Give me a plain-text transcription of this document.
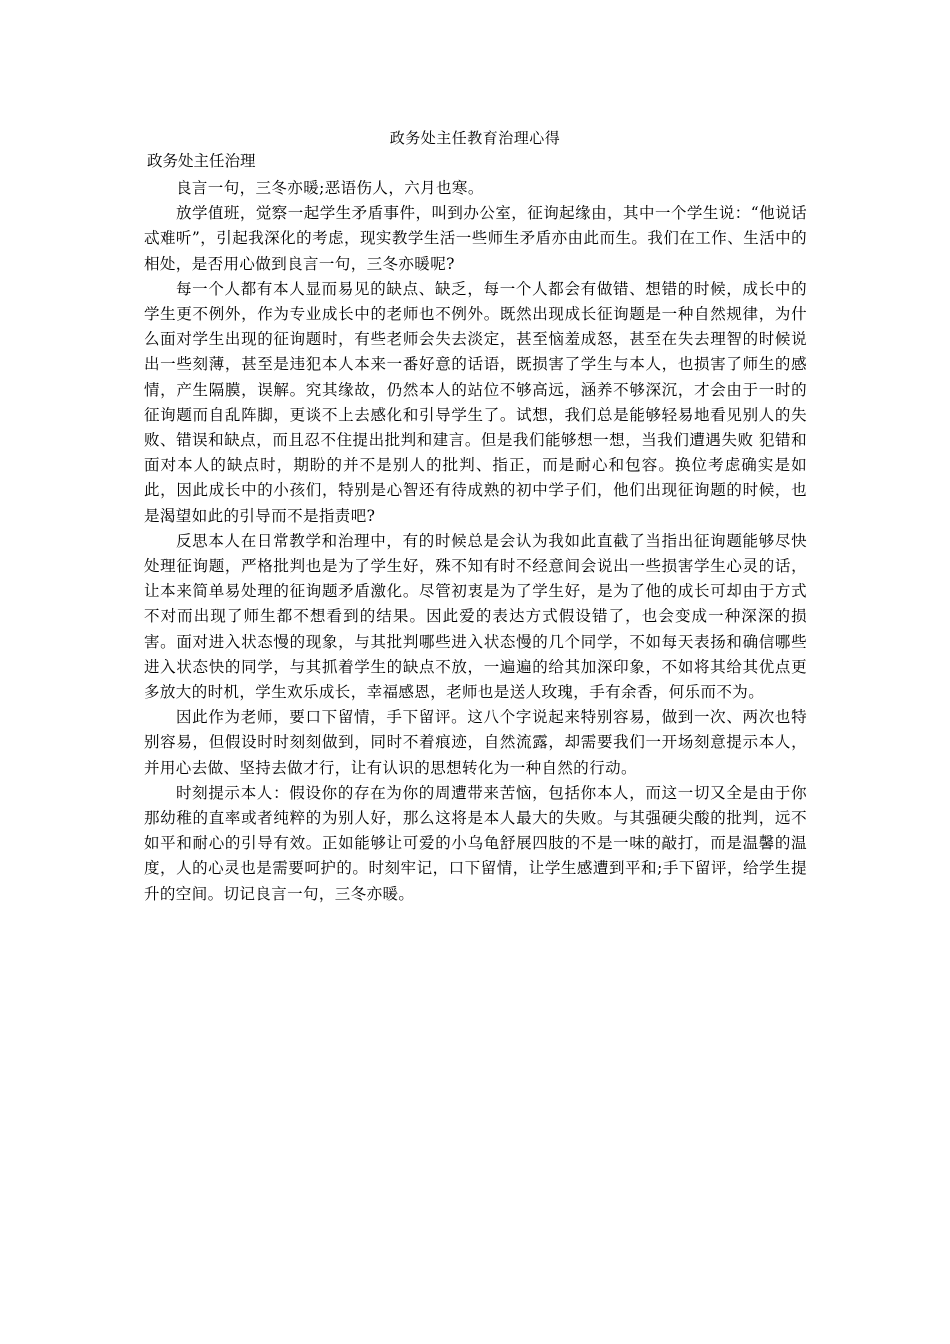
政务处主任教育治理心得
政务处主任治理

良言一句，三冬亦暖;恶语伤人，六月也寒。

放学值班，觉察一起学生矛盾事件，叫到办公室，征询起缘由，其中一个学生说：“他说话忒难听”，引起我深化的考虑，现实教学生活一些师生矛盾亦由此而生。我们在工作、生活中的相处，是否用心做到良言一句，三冬亦暖呢?

每一个人都有本人显而易见的缺点、缺乏，每一个人都会有做错、想错的时候，成长中的学生更不例外，作为专业成长中的老师也不例外。既然出现成长征询题是一种自然规律，为什么面对学生出现的征询题时，有些老师会失去淡定，甚至恼羞成怒，甚至在失去理智的时候说出一些刻薄，甚至是违犯本人本来一番好意的话语，既损害了学生与本人，也损害了师生的感情，产生隔膜，误解。究其缘故，仍然本人的站位不够高远，涵养不够深沉，才会由于一时的征询题而自乱阵脚，更谈不上去感化和引导学生了。试想，我们总是能够轻易地看见别人的失败、错误和缺点，而且忍不住提出批判和建言。但是我们能够想一想，当我们遭遇失败 犯错和面对本人的缺点时，期盼的并不是别人的批判、指正，而是耐心和包容。换位考虑确实是如此，因此成长中的小孩们，特别是心智还有待成熟的初中学子们，他们出现征询题的时候，也是渴望如此的引导而不是指责吧?

反思本人在日常教学和治理中，有的时候总是会认为我如此直截了当指出征询题能够尽快处理征询题，严格批判也是为了学生好，殊不知有时不经意间会说出一些损害学生心灵的话，让本来简单易处理的征询题矛盾激化。尽管初衷是为了学生好，是为了他的成长可却由于方式不对而出现了师生都不想看到的结果。因此爱的表达方式假设错了，也会变成一种深深的损害。面对进入状态慢的现象，与其批判哪些进入状态慢的几个同学，不如每天表扬和确信哪些进入状态快的同学，与其抓着学生的缺点不放，一遍遍的给其加深印象，不如将其给其优点更多放大的时机，学生欢乐成长，幸福感恩，老师也是送人玫瑰，手有余香，何乐而不为。

因此作为老师，要口下留情，手下留评。这八个字说起来特别容易，做到一次、两次也特别容易，但假设时时刻刻做到，同时不着痕迹，自然流露，却需要我们一开场刻意提示本人，并用心去做、坚持去做才行，让有认识的思想转化为一种自然的行动。

时刻提示本人：假设你的存在为你的周遭带来苦恼，包括你本人，而这一切又全是由于你那幼稚的直率或者纯粹的为别人好，那么这将是本人最大的失败。与其强硬尖酸的批判，远不如平和耐心的引导有效。正如能够让可爱的小乌龟舒展四肢的不是一味的敲打，而是温馨的温度，人的心灵也是需要呵护的。时刻牢记，口下留情，让学生感遭到平和;手下留评，给学生提升的空间。切记良言一句，三冬亦暖。
